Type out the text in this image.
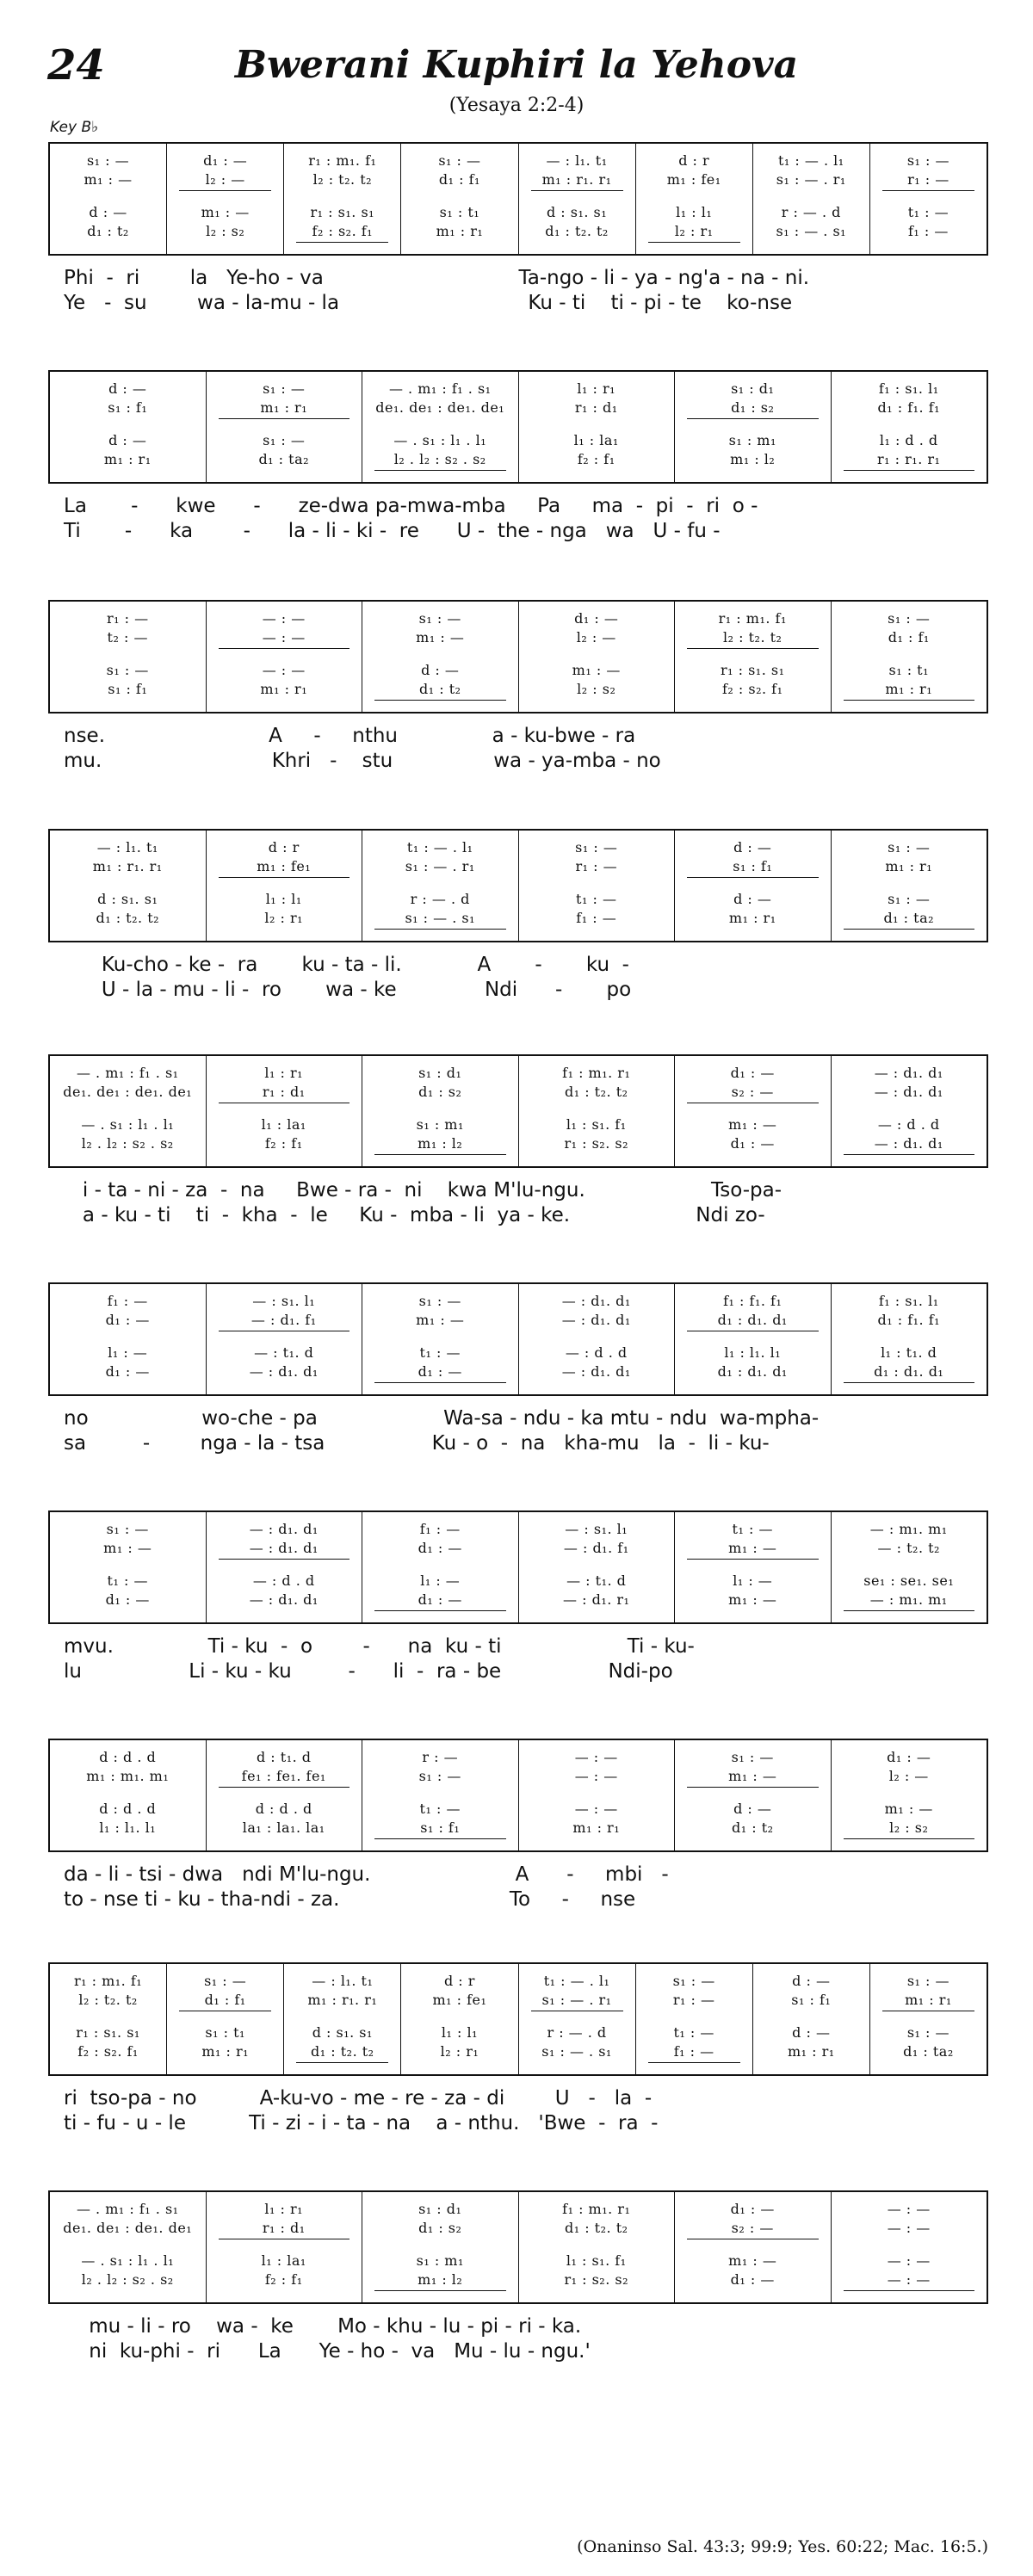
24	Bwerani Kuphiri la Yehova
(Yesaya 2:2-4)
Key B♭
s₁ : —
m₁ : —
d : —
d₁ : t₂
d₁ : —
l₂ : —
m₁ : —
l₂ : s₂
r₁ : m₁. f₁
l₂ : t₂. t₂
r₁ : s₁. s₁
f₂ : s₂. f₁
s₁ : —
d₁ : f₁
s₁ : t₁
m₁ : r₁
— : l₁. t₁
m₁ : r₁. r₁
d : s₁. s₁
d₁ : t₂. t₂
d : r
m₁ : fe₁
l₁ : l₁
l₂ : r₁
t₁ : — . l₁
s₁ : — . r₁
r : — . d
s₁ : — . s₁
s₁ : —
r₁ : —
t₁ : —
f₁ : —
Phi  -  ri        la   Ye-ho - va                               Ta-ngo - li - ya - ng'a - na - ni.
Ye   -  su        wa - la-mu - la                              Ku - ti    ti - pi - te    ko-nse
d : —
s₁ : f₁
d : —
m₁ : r₁
s₁ : —
m₁ : r₁
s₁ : —
d₁ : ta₂
— . m₁ : f₁ . s₁
de₁. de₁ : de₁. de₁
— . s₁ : l₁ . l₁
l₂ . l₂ : s₂ . s₂
l₁ : r₁
r₁ : d₁
l₁ : la₁
f₂ : f₁
s₁ : d₁
d₁ : s₂
s₁ : m₁
m₁ : l₂
f₁ : s₁. l₁
d₁ : f₁. f₁
l₁ : d . d
r₁ : r₁. r₁
La       -      kwe      -      ze-dwa pa-mwa-mba     Pa     ma  -  pi  -  ri  o -
Ti       -      ka        -      la - li - ki -  re      U -  the - nga   wa   U - fu -
r₁ : —
t₂ : —
s₁ : —
s₁ : f₁
— : —
— : —
— : —
m₁ : r₁
s₁ : —
m₁ : —
d : —
d₁ : t₂
d₁ : —
l₂ : —
m₁ : —
l₂ : s₂
r₁ : m₁. f₁
l₂ : t₂. t₂
r₁ : s₁. s₁
f₂ : s₂. f₁
s₁ : —
d₁ : f₁
s₁ : t₁
m₁ : r₁
nse.                          A     -     nthu               a - ku-bwe - ra
mu.                           Khri   -    stu                wa - ya-mba - no
— : l₁. t₁
m₁ : r₁. r₁
d : s₁. s₁
d₁ : t₂. t₂
d : r
m₁ : fe₁
l₁ : l₁
l₂ : r₁
t₁ : — . l₁
s₁ : — . r₁
r : — . d
s₁ : — . s₁
s₁ : —
r₁ : —
t₁ : —
f₁ : —
d : —
s₁ : f₁
d : —
m₁ : r₁
s₁ : —
m₁ : r₁
s₁ : —
d₁ : ta₂
Ku-cho - ke -  ra       ku - ta - li.            A       -       ku  -
U - la - mu - li -  ro       wa - ke              Ndi      -       po
— . m₁ : f₁ . s₁
de₁. de₁ : de₁. de₁
— . s₁ : l₁ . l₁
l₂ . l₂ : s₂ . s₂
l₁ : r₁
r₁ : d₁
l₁ : la₁
f₂ : f₁
s₁ : d₁
d₁ : s₂
s₁ : m₁
m₁ : l₂
f₁ : m₁. r₁
d₁ : t₂. t₂
l₁ : s₁. f₁
r₁ : s₂. s₂
d₁ : —
s₂ : —
m₁ : —
d₁ : —
— : d₁. d₁
— : d₁. d₁
— : d . d
— : d₁. d₁
i - ta - ni - za  -  na     Bwe - ra -  ni    kwa M'lu-ngu.                    Tso-pa-
a - ku - ti    ti  -  kha  -  le     Ku -  mba - li  ya - ke.                    Ndi zo-
f₁ : —
d₁ : —
l₁ : —
d₁ : —
— : s₁. l₁
— : d₁. f₁
— : t₁. d
— : d₁. d₁
s₁ : —
m₁ : —
t₁ : —
d₁ : —
— : d₁. d₁
— : d₁. d₁
— : d . d
— : d₁. d₁
f₁ : f₁. f₁
d₁ : d₁. d₁
l₁ : l₁. l₁
d₁ : d₁. d₁
f₁ : s₁. l₁
d₁ : f₁. f₁
l₁ : t₁. d
d₁ : d₁. d₁
no                  wo-che - pa                    Wa-sa - ndu - ka mtu - ndu  wa-mpha-
sa         -        nga - la - tsa                 Ku - o  -  na   kha-mu   la  -  li - ku-
s₁ : —
m₁ : —
t₁ : —
d₁ : —
— : d₁. d₁
— : d₁. d₁
— : d . d
— : d₁. d₁
f₁ : —
d₁ : —
l₁ : —
d₁ : —
— : s₁. l₁
— : d₁. f₁
— : t₁. d
— : d₁. r₁
t₁ : —
m₁ : —
l₁ : —
m₁ : —
— : m₁. m₁
— : t₂. t₂
se₁ : se₁. se₁
— : m₁. m₁
mvu.               Ti - ku  -  o        -      na  ku - ti                    Ti - ku-
lu                 Li - ku - ku         -      li  -  ra - be                 Ndi-po
d : d . d
m₁ : m₁. m₁
d : d . d
l₁ : l₁. l₁
d : t₁. d
fe₁ : fe₁. fe₁
d : d . d
la₁ : la₁. la₁
r : —
s₁ : —
t₁ : —
s₁ : f₁
— : —
— : —
— : —
m₁ : r₁
s₁ : —
m₁ : —
d : —
d₁ : t₂
d₁ : —
l₂ : —
m₁ : —
l₂ : s₂
da - li - tsi - dwa   ndi M'lu-ngu.                       A      -     mbi   -
to - nse ti - ku - tha-ndi - za.                           To     -     nse
r₁ : m₁. f₁
l₂ : t₂. t₂
r₁ : s₁. s₁
f₂ : s₂. f₁
s₁ : —
d₁ : f₁
s₁ : t₁
m₁ : r₁
— : l₁. t₁
m₁ : r₁. r₁
d : s₁. s₁
d₁ : t₂. t₂
d : r
m₁ : fe₁
l₁ : l₁
l₂ : r₁
t₁ : — . l₁
s₁ : — . r₁
r : — . d
s₁ : — . s₁
s₁ : —
r₁ : —
t₁ : —
f₁ : —
d : —
s₁ : f₁
d : —
m₁ : r₁
s₁ : —
m₁ : r₁
s₁ : —
d₁ : ta₂
ri  tso-pa - no          A-ku-vo - me - re - za - di        U   -   la  -
ti - fu - u - le          Ti - zi - i - ta - na    a - nthu.   'Bwe  -  ra  -
— . m₁ : f₁ . s₁
de₁. de₁ : de₁. de₁
— . s₁ : l₁ . l₁
l₂ . l₂ : s₂ . s₂
l₁ : r₁
r₁ : d₁
l₁ : la₁
f₂ : f₁
s₁ : d₁
d₁ : s₂
s₁ : m₁
m₁ : l₂
f₁ : m₁. r₁
d₁ : t₂. t₂
l₁ : s₁. f₁
r₁ : s₂. s₂
d₁ : —
s₂ : —
m₁ : —
d₁ : —
— : —
— : —
— : —
— : —
mu - li - ro    wa -  ke       Mo - khu - lu - pi - ri - ka.
ni  ku-phi -  ri      La      Ye - ho -  va   Mu - lu - ngu.'
(Onaninso Sal. 43:3; 99:9; Yes. 60:22; Mac. 16:5.)
